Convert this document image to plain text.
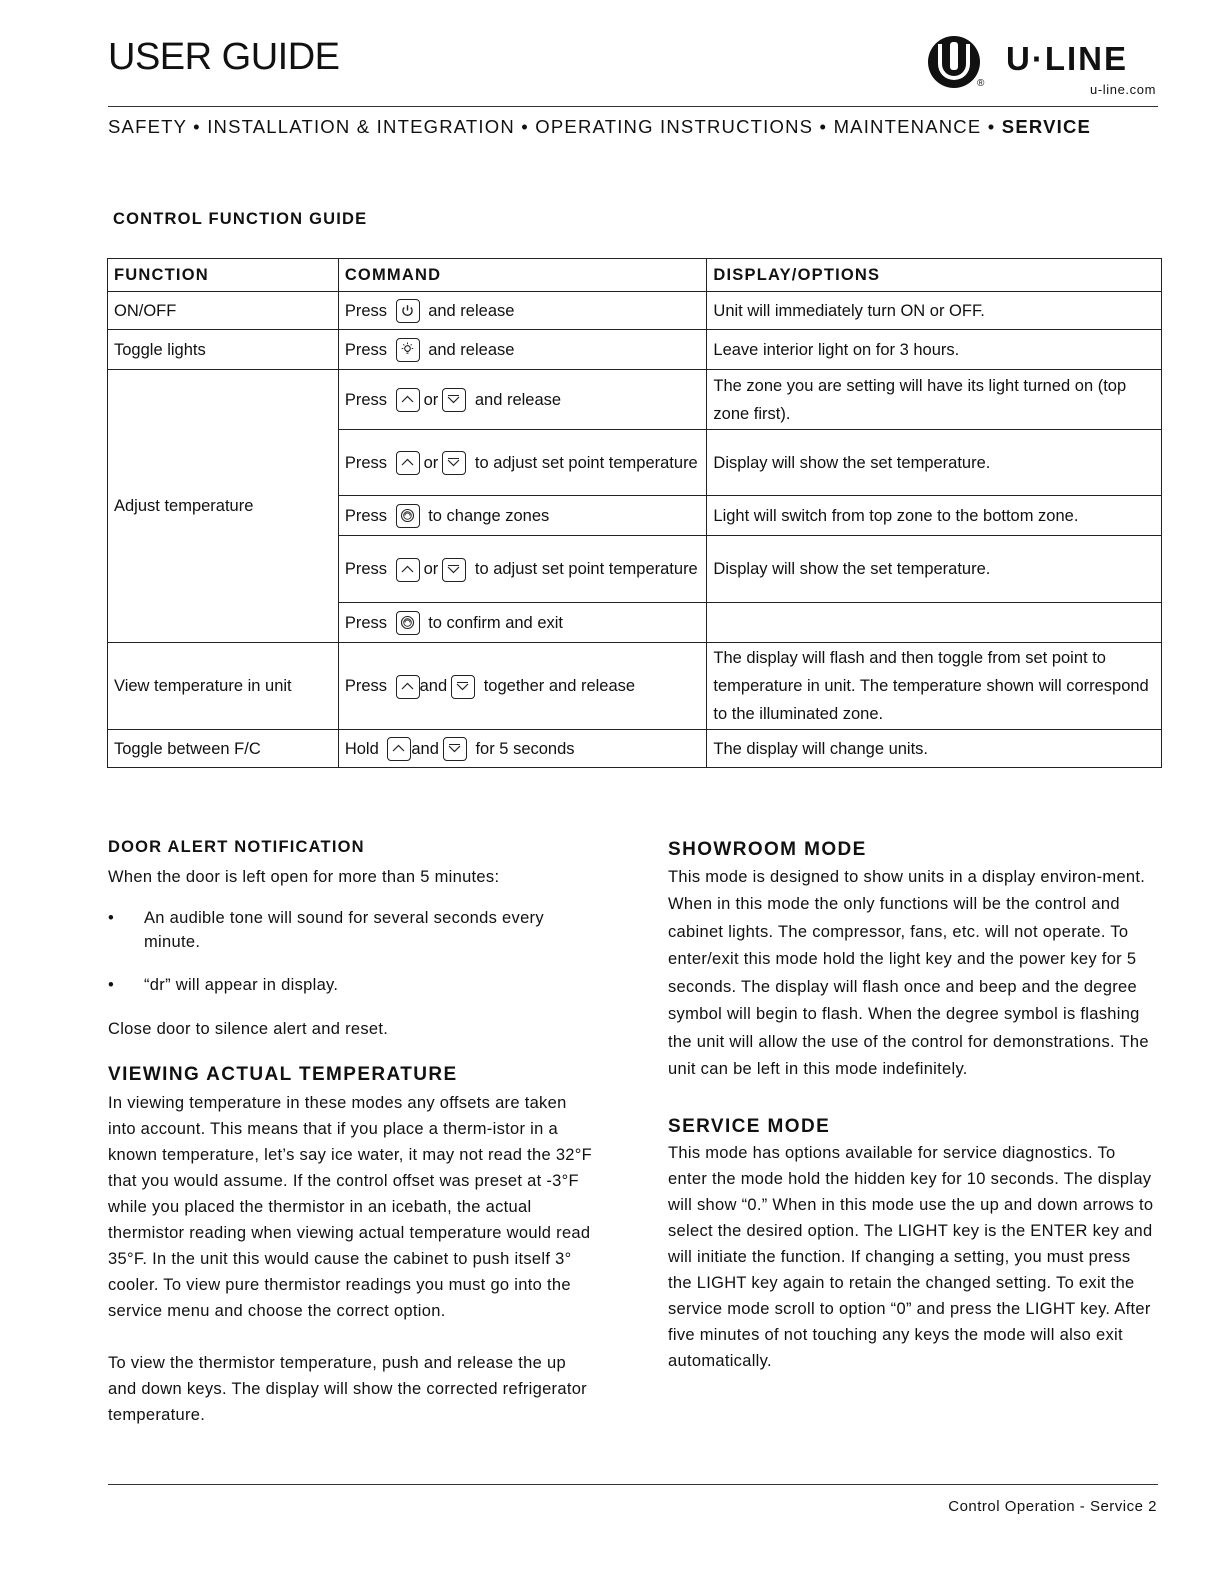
USER GUIDE
®
U·LINE
u-line.com
SAFETY • INSTALLATION & INTEGRATION • OPERATING INSTRUCTIONS • MAINTENANCE • SERVICE
CONTROL FUNCTION GUIDE
FUNCTION	COMMAND	DISPLAY/OPTIONS
ON/OFF	Press and release	Unit will immediately turn ON or OFF.
Toggle lights	Press and release	Leave interior light on for 3 hours.
Adjust temperature	Press or and release	The zone you are setting will have its light turned on (top zone first).
	Press or to adjust set point temperature	Display will show the set temperature.
	Press to change zones	Light will switch from top zone to the bottom zone.
	Press or to adjust set point temperature	Display will show the set temperature.
	Press to confirm and exit	
View temperature in unit	Press and together and release	The display will flash and then toggle from set point to temperature in unit. The temperature shown will correspond to the illuminated zone.
Toggle between F/C	Hold and for 5 seconds	The display will change units.
DOOR ALERT NOTIFICATION

When the door is left open for more than 5 minutes:

• An audible tone will sound for several seconds every minute.
• “dr” will appear in display.

Close door to silence alert and reset.

VIEWING ACTUAL TEMPERATURE

In viewing temperature in these modes any offsets are taken into account. This means that if you place a therm-istor in a known temperature, let’s say ice water, it may not read the 32°F that you would assume. If the control offset was preset at -3°F while you placed the thermistor in an icebath, the actual thermistor reading when viewing actual temperature would read 35°F. In the unit this would cause the cabinet to push itself 3° cooler. To view pure thermistor readings you must go into the service menu and choose the correct option.

To view the thermistor temperature, push and release the up and down keys. The display will show the corrected refrigerator temperature.

SHOWROOM MODE

This mode is designed to show units in a display environ-ment. When in this mode the only functions will be the control and cabinet lights. The compressor, fans, etc. will not operate. To enter/exit this mode hold the light key and the power key for 5 seconds. The display will flash once and beep and the degree symbol will begin to flash. When the degree symbol is flashing the unit will allow the use of the control for demonstrations. The unit can be left in this mode indefinitely.

SERVICE MODE

This mode has options available for service diagnostics. To enter the mode hold the hidden key for 10 seconds. The display will show “0.” When in this mode use the up and down arrows to select the desired option. The LIGHT key is the ENTER key and will initiate the function. If changing a setting, you must press the LIGHT key again to retain the changed setting. To exit the service mode scroll to option “0” and press the LIGHT key. After five minutes of not touching any keys the mode will also exit automatically.

Control Operation - Service 2
